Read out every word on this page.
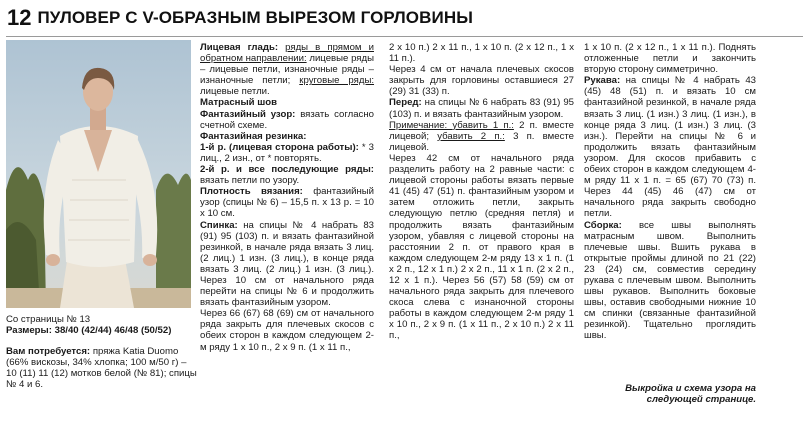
12 ПУЛОВЕР С V-ОБРАЗНЫМ ВЫРЕЗОМ ГОРЛОВИНЫ

Со страницы № 13

Размеры: 38/40 (42/44) 46/48 (50/52)

Вам потребуется: пряжа Katia Duomo (66% вискозы, 34% хлопка; 100 м/50 г) – 10 (11) 11 (12) мотков белой (№ 81); спицы № 4 и 6.

Лицевая гладь: ряды в прямом и обратном направлении: лицевые ряды – лицевые петли, изнаночные ряды – изнаночные петли; круговые ряды: лицевые петли.

Матрасный шов

Фантазийный узор: вязать согласно счетной схеме.

Фантазийная резинка:

1-й р. (лицевая сторона работы): * 3 лиц., 2 изн., от * повторять.

2-й р. и все последующие ряды: вязать петли по узору.

Плотность вязания: фантазийный узор (спицы № 6) – 15,5 п. х 13 р. = 10 х 10 см.

Спинка: на спицы № 4 набрать 83 (91) 95 (103) п. и вязать фантазийной резинкой, в начале ряда вязать 3 лиц. (2 лиц.) 1 изн. (3 лиц.), в конце ряда вязать 3 лиц. (2 лиц.) 1 изн. (3 лиц.). Через 10 см от начального ряда перейти на спицы № 6 и продолжить вязать фантазийным узором.

Через 66 (67) 68 (69) см от начального ряда закрыть для плечевых скосов с обеих сторон в каждом следующем 2-м ряду 1 х 10 п., 2 х 9 п. (1 х 11 п.,

2 х 10 п.) 2 х 11 п., 1 х 10 п. (2 х 12 п., 1 х 11 п.).

Через 4 см от начала плечевых скосов закрыть для горловины оставшиеся 27 (29) 31 (33) п.

Перед: на спицы № 6 набрать 83 (91) 95 (103) п. и вязать фантазийным узором.

Примечание: убавить 1 п.: 2 п. вместе лицевой; убавить 2 п.: 3 п. вместе лицевой.

Через 42 см от начального ряда разделить работу на 2 равные части: с лицевой стороны работы вязать первые 41 (45) 47 (51) п. фантазийным узором и затем отложить петли, закрыть следующую петлю (средняя петля) и продолжить вязать фантазийным узором, убавляя с лицевой стороны на расстоянии 2 п. от правого края в каждом следующем 2-м ряду 13 х 1 п. (1 х 2 п., 12 х 1 п.) 2 х 2 п., 11 х 1 п. (2 х 2 п., 12 х 1 п.). Через 56 (57) 58 (59) см от начального ряда закрыть для плечевого скоса слева с изнаночной стороны работы в каждом следующем 2-м ряду 1 х 10 п., 2 х 9 п. (1 х 11 п., 2 х 10 п.) 2 х 11 п.,

1 х 10 п. (2 х 12 п., 1 х 11 п.). Поднять отложенные петли и закончить вторую сторону симметрично.

Рукава: на спицы № 4 набрать 43 (45) 48 (51) п. и вязать 10 см фантазийной резинкой, в начале ряда вязать 3 лиц. (1 изн.) 3 лиц. (1 изн.), в конце ряда 3 лиц. (1 изн.) 3 лиц. (3 изн.). Перейти на спицы № 6 и продолжить вязать фантазийным узором. Для скосов прибавить с обеих сторон в каждом следующем 4-м ряду 11 х 1 п. = 65 (67) 70 (73) п. Через 44 (45) 46 (47) см от начального ряда закрыть свободно петли.

Сборка: все швы выполнять матрасным швом. Выполнить плечевые швы. Вшить рукава в открытые проймы длиной по 21 (22) 23 (24) см, совместив середину рукава с плечевым швом. Выполнить швы рукавов. Выполнить боковые швы, оставив свободными нижние 10 см спинки (связанные фантазийной резинкой). Тщательно проглядить швы.

Выкройка и схема узора на следующей странице.
